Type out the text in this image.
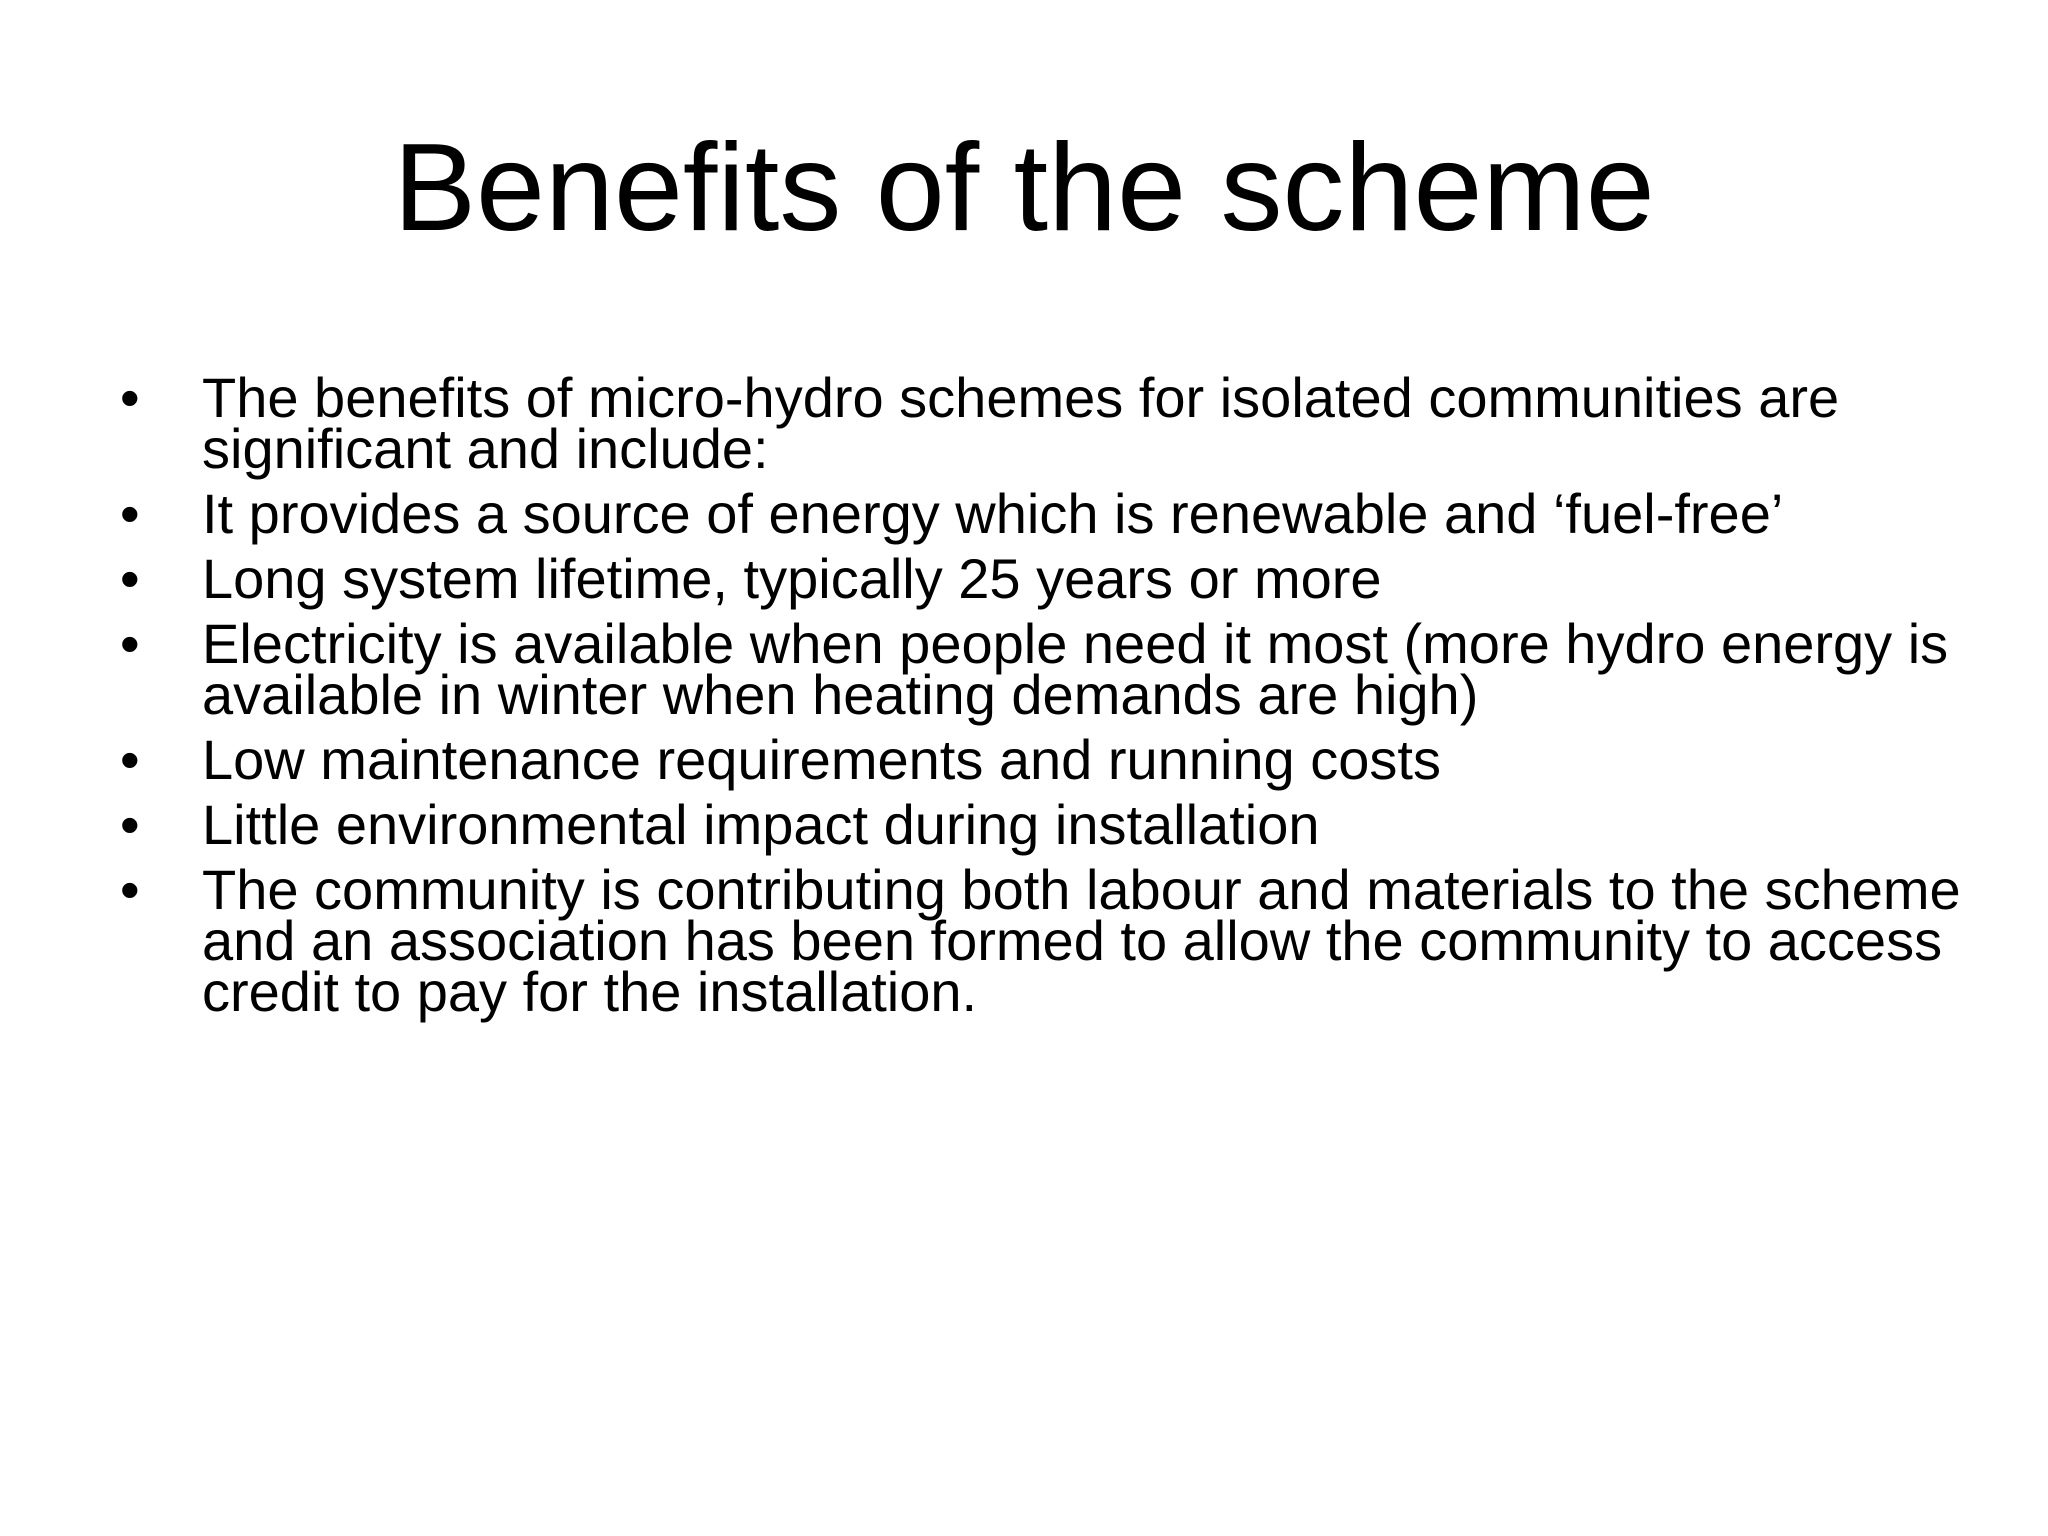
Benefits of the scheme
•	The benefits of micro-hydro schemes for isolated communities are significant and include:
•	It provides a source of energy which is renewable and ‘fuel-free’
•	Long system lifetime, typically 25 years or more
•	Electricity is available when people need it most (more hydro energy is available in winter when heating demands are high)
•	Low maintenance requirements and running costs
•	Little environmental impact during installation
•	The community is contributing both labour and materials to the scheme and an association has been formed to allow the community to access credit to pay for the installation.
